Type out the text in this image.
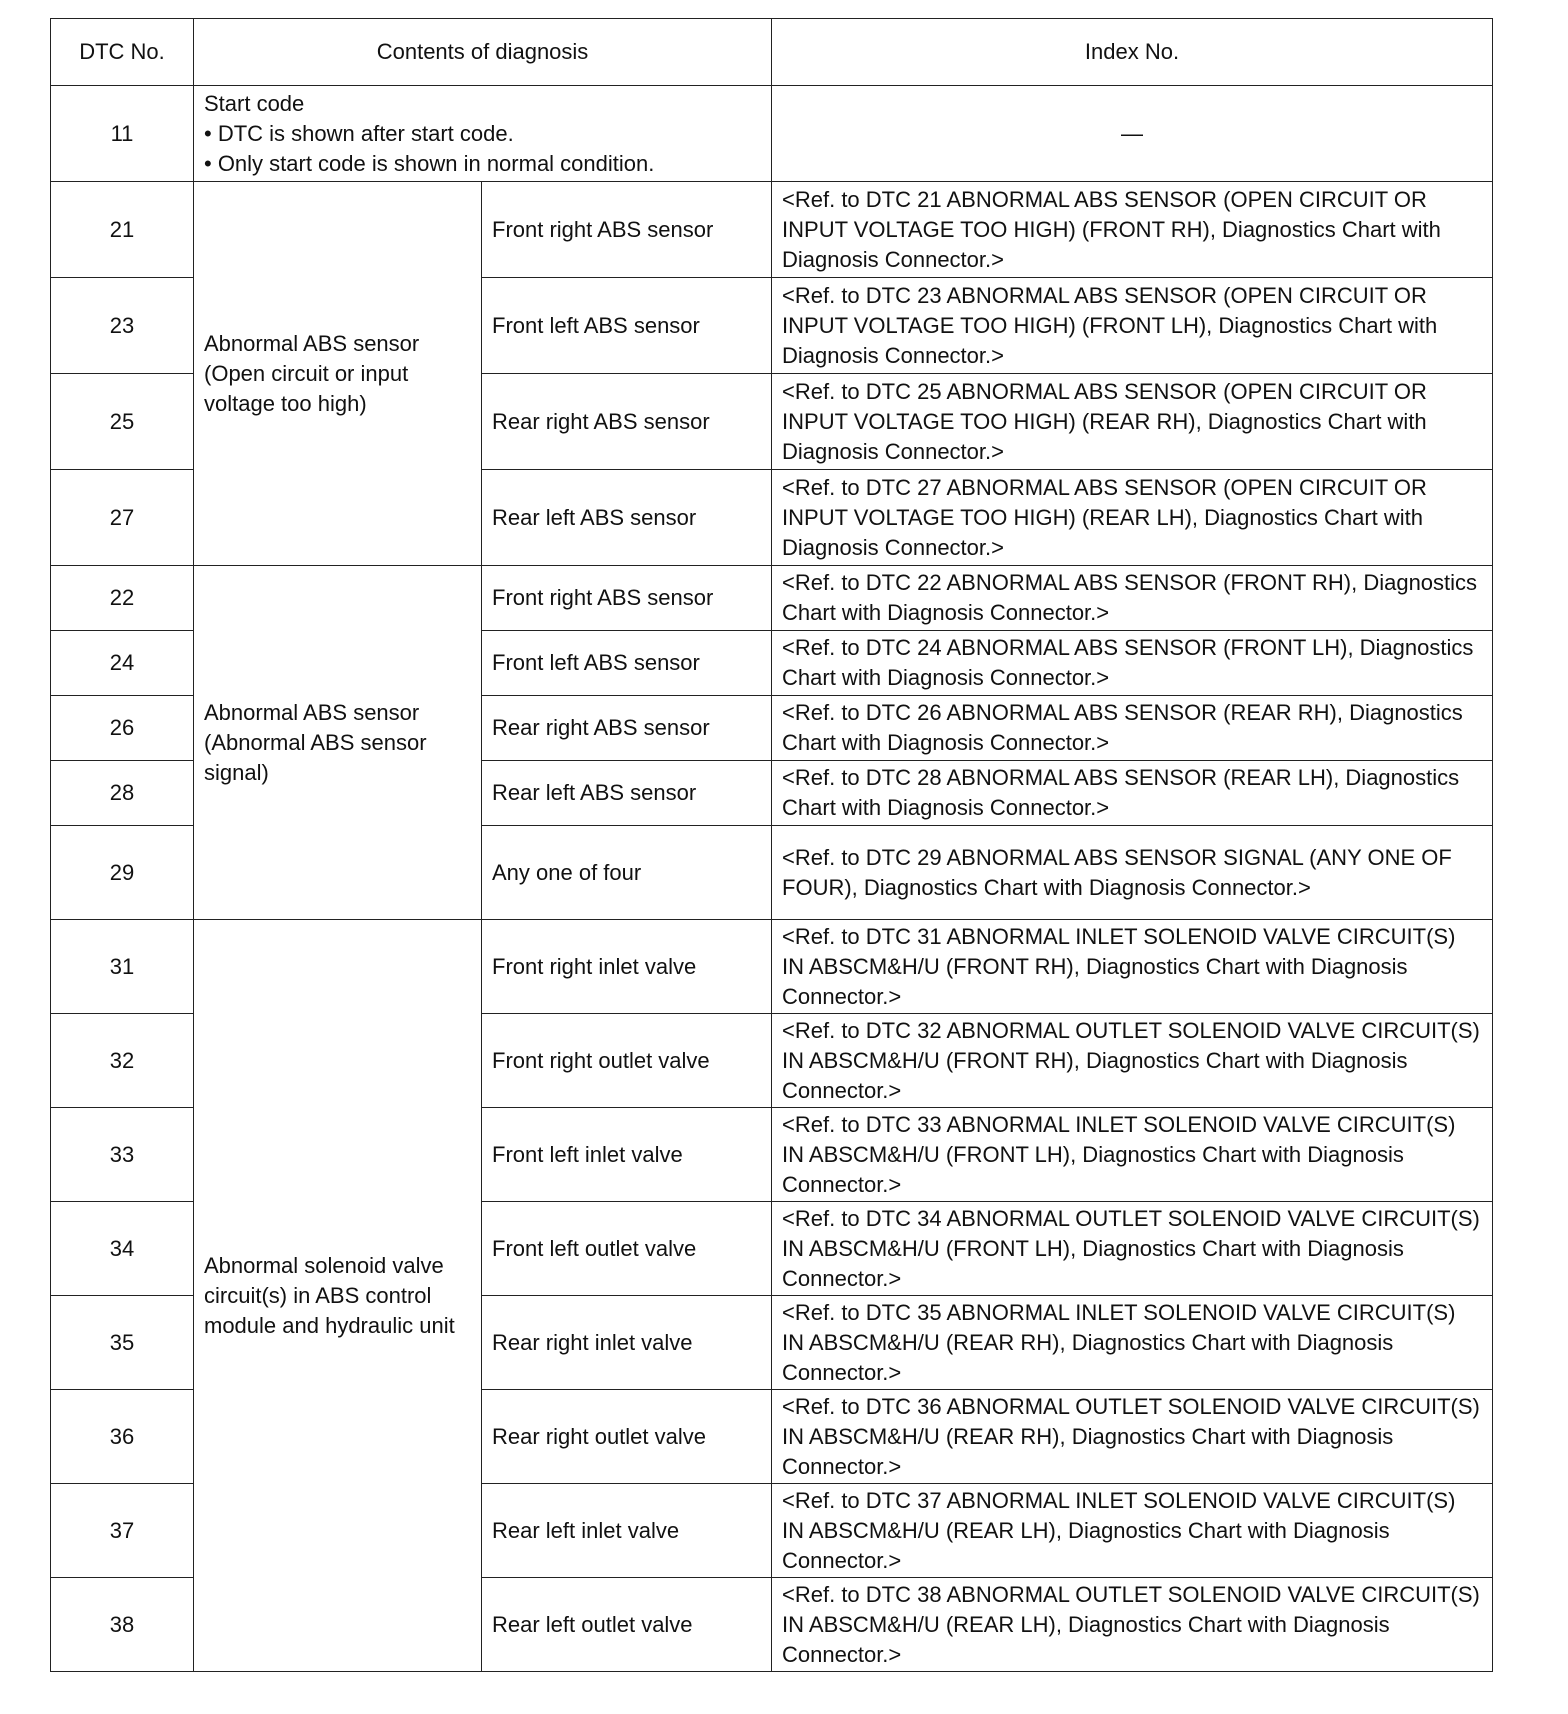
DTC No.	Contents of diagnosis		Index No.
11	Start code
• DTC is shown after start code.
• Only start code is shown in normal condition.		—
21	Abnormal ABS sensor (Open circuit or input voltage too high)	Front right ABS sensor	<Ref. to DTC 21 ABNORMAL ABS SENSOR (OPEN CIRCUIT OR INPUT VOLTAGE TOO HIGH) (FRONT RH), Diagnostics Chart with Diagnosis Connector.>
23		Front left ABS sensor	<Ref. to DTC 23 ABNORMAL ABS SENSOR (OPEN CIRCUIT OR INPUT VOLTAGE TOO HIGH) (FRONT LH), Diagnostics Chart with Diagnosis Connector.>
25		Rear right ABS sensor	<Ref. to DTC 25 ABNORMAL ABS SENSOR (OPEN CIRCUIT OR INPUT VOLTAGE TOO HIGH) (REAR RH), Diagnostics Chart with Diagnosis Connector.>
27		Rear left ABS sensor	<Ref. to DTC 27 ABNORMAL ABS SENSOR (OPEN CIRCUIT OR INPUT VOLTAGE TOO HIGH) (REAR LH), Diagnostics Chart with Diagnosis Connector.>
22	Abnormal ABS sensor (Abnormal ABS sensor signal)	Front right ABS sensor	<Ref. to DTC 22 ABNORMAL ABS SENSOR (FRONT RH), Diagnostics Chart with Diagnosis Connector.>
24		Front left ABS sensor	<Ref. to DTC 24 ABNORMAL ABS SENSOR (FRONT LH), Diagnostics Chart with Diagnosis Connector.>
26		Rear right ABS sensor	<Ref. to DTC 26 ABNORMAL ABS SENSOR (REAR RH), Diagnostics Chart with Diagnosis Connector.>
28		Rear left ABS sensor	<Ref. to DTC 28 ABNORMAL ABS SENSOR (REAR LH), Diagnostics Chart with Diagnosis Connector.>
29		Any one of four	<Ref. to DTC 29 ABNORMAL ABS SENSOR SIGNAL (ANY ONE OF FOUR), Diagnostics Chart with Diagnosis Connector.>
31	Abnormal solenoid valve circuit(s) in ABS control module and hydraulic unit	Front right inlet valve	<Ref. to DTC 31 ABNORMAL INLET SOLENOID VALVE CIRCUIT(S) IN ABSCM&H/U (FRONT RH), Diagnostics Chart with Diagnosis Connector.>
32		Front right outlet valve	<Ref. to DTC 32 ABNORMAL OUTLET SOLENOID VALVE CIRCUIT(S) IN ABSCM&H/U (FRONT RH), Diagnostics Chart with Diagnosis Connector.>
33		Front left inlet valve	<Ref. to DTC 33 ABNORMAL INLET SOLENOID VALVE CIRCUIT(S) IN ABSCM&H/U (FRONT LH), Diagnostics Chart with Diagnosis Connector.>
34		Front left outlet valve	<Ref. to DTC 34 ABNORMAL OUTLET SOLENOID VALVE CIRCUIT(S) IN ABSCM&H/U (FRONT LH), Diagnostics Chart with Diagnosis Connector.>
35		Rear right inlet valve	<Ref. to DTC 35 ABNORMAL INLET SOLENOID VALVE CIRCUIT(S) IN ABSCM&H/U (REAR RH), Diagnostics Chart with Diagnosis Connector.>
36		Rear right outlet valve	<Ref. to DTC 36 ABNORMAL OUTLET SOLENOID VALVE CIRCUIT(S) IN ABSCM&H/U (REAR RH), Diagnostics Chart with Diagnosis Connector.>
37		Rear left inlet valve	<Ref. to DTC 37 ABNORMAL INLET SOLENOID VALVE CIRCUIT(S) IN ABSCM&H/U (REAR LH), Diagnostics Chart with Diagnosis Connector.>
38		Rear left outlet valve	<Ref. to DTC 38 ABNORMAL OUTLET SOLENOID VALVE CIRCUIT(S) IN ABSCM&H/U (REAR LH), Diagnostics Chart with Diagnosis Connector.>
